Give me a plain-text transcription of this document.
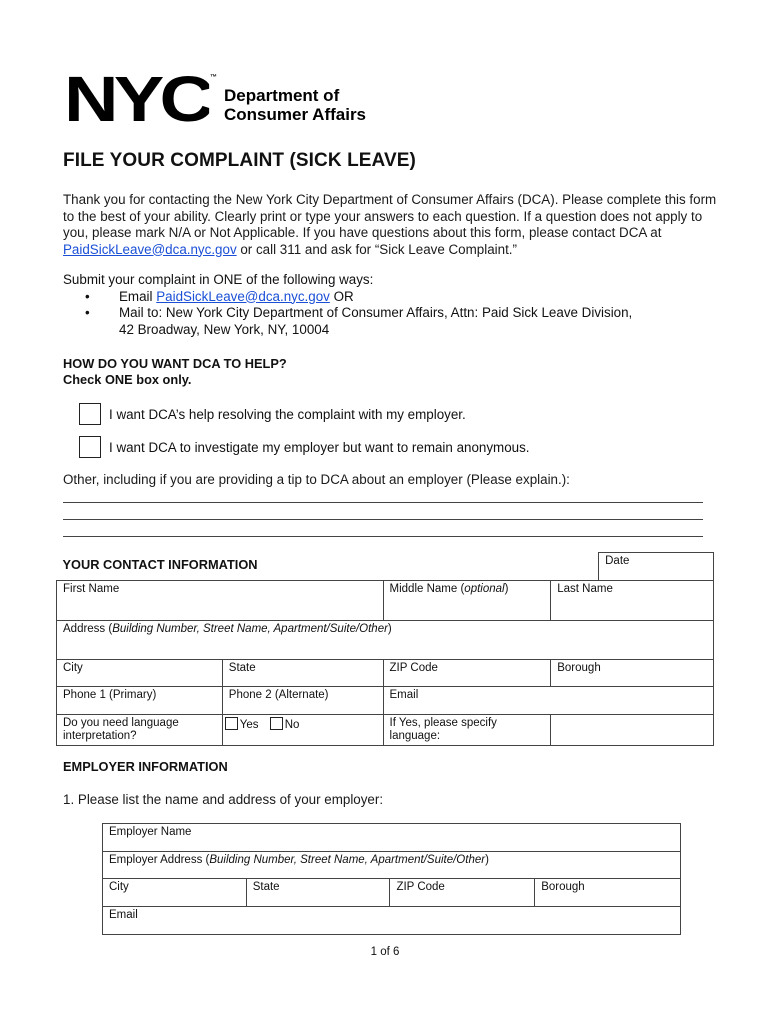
NYC ™
Department of
Consumer Affairs
FILE YOUR COMPLAINT (SICK LEAVE)
Thank you for contacting the New York City Department of Consumer Affairs (DCA). Please complete this form to the best of your ability. Clearly print or type your answers to each question. If a question does not apply to you, please mark N/A or Not Applicable. If you have questions about this form, please contact DCA at PaidSickLeave@dca.nyc.gov or call 311 and ask for “Sick Leave Complaint.”
Submit your complaint in ONE of the following ways:
• Email PaidSickLeave@dca.nyc.gov OR
• Mail to: New York City Department of Consumer Affairs, Attn: Paid Sick Leave Division,
42 Broadway, New York, NY, 10004
HOW DO YOU WANT DCA TO HELP?
Check ONE box only.
I want DCA’s help resolving the complaint with my employer.
I want DCA to investigate my employer but want to remain anonymous.
Other, including if you are providing a tip to DCA about an employer (Please explain.):
YOUR CONTACT INFORMATION				Date
First Name		Middle Name (optional)	Last Name	
Address (Building Number, Street Name, Apartment/Suite/Other)				
City	State	ZIP Code	Borough	
Phone 1 (Primary)	Phone 2 (Alternate)	Email		
Do you need language interpretation?	Yes No	If Yes, please specify language:		
EMPLOYER INFORMATION
1. Please list the name and address of your employer:
Employer Name
Employer Address (Building Number, Street Name, Apartment/Suite/Other)
City	State	ZIP Code	Borough
Email
1 of 6
